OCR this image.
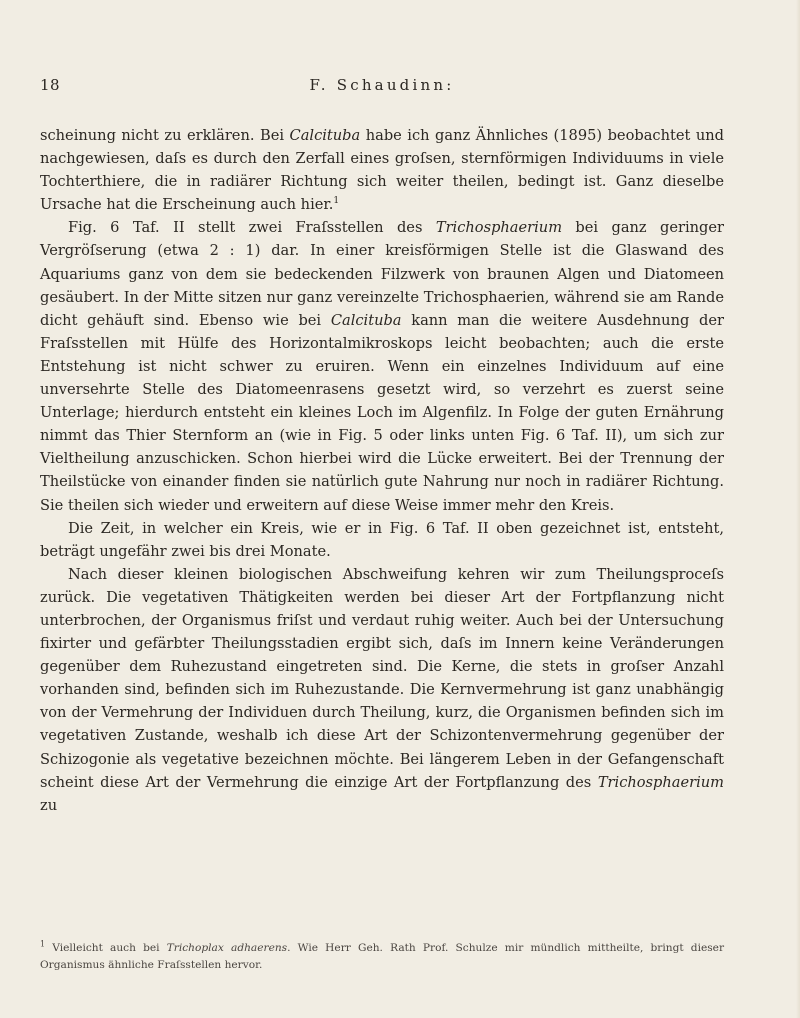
18	F. Schaudinn:

scheinung nicht zu erklären. Bei Calcituba habe ich ganz Ähnliches (1895) beobachtet und nachgewiesen, daſs es durch den Zerfall eines groſsen, sternförmigen Individuums in viele Tochterthiere, die in radiärer Richtung sich weiter theilen, bedingt ist. Ganz dieselbe Ursache hat die Erscheinung auch hier.$^1$

Fig. 6 Taf. II stellt zwei Fraſsstellen des Trichosphaerium bei ganz geringer Vergröſserung (etwa 2 : 1) dar. In einer kreisförmigen Stelle ist die Glaswand des Aquariums ganz von dem sie bedeckenden Filzwerk von braunen Algen und Diatomeen gesäubert. In der Mitte sitzen nur ganz vereinzelte Trichosphaerien, während sie am Rande dicht gehäuft sind. Ebenso wie bei Calcituba kann man die weitere Ausdehnung der Fraſsstellen mit Hülfe des Horizontalmikroskops leicht beobachten; auch die erste Entstehung ist nicht schwer zu eruiren. Wenn ein einzelnes Individuum auf eine unversehrte Stelle des Diatomeenrasens gesetzt wird, so verzehrt es zuerst seine Unterlage; hierdurch entsteht ein kleines Loch im Algenfilz. In Folge der guten Ernährung nimmt das Thier Sternform an (wie in Fig. 5 oder links unten Fig. 6 Taf. II), um sich zur Vieltheilung anzuschicken. Schon hierbei wird die Lücke erweitert. Bei der Trennung der Theilstücke von einander finden sie natürlich gute Nahrung nur noch in radiärer Richtung. Sie theilen sich wieder und erweitern auf diese Weise immer mehr den Kreis.

Die Zeit, in welcher ein Kreis, wie er in Fig. 6 Taf. II oben gezeichnet ist, entsteht, beträgt ungefähr zwei bis drei Monate.

Nach dieser kleinen biologischen Abschweifung kehren wir zum Theilungsproceſs zurück. Die vegetativen Thätigkeiten werden bei dieser Art der Fortpflanzung nicht unterbrochen, der Organismus friſst und verdaut ruhig weiter. Auch bei der Untersuchung fixirter und gefärbter Theilungsstadien ergibt sich, daſs im Innern keine Veränderungen gegenüber dem Ruhezustand eingetreten sind. Die Kerne, die stets in groſser Anzahl vorhanden sind, befinden sich im Ruhezustande. Die Kernvermehrung ist ganz unabhängig von der Vermehrung der Individuen durch Theilung, kurz, die Organismen befinden sich im vegetativen Zustande, weshalb ich diese Art der Schizontenvermehrung gegenüber der Schizogonie als vegetative bezeichnen möchte. Bei längerem Leben in der Gefangenschaft scheint diese Art der Vermehrung die einzige Art der Fortpflanzung des Trichosphaerium zu

$^1$ Vielleicht auch bei Trichoplax adhaerens. Wie Herr Geh. Rath Prof. Schulze mir mündlich mittheilte, bringt dieser Organismus ähnliche Fraſsstellen hervor.
